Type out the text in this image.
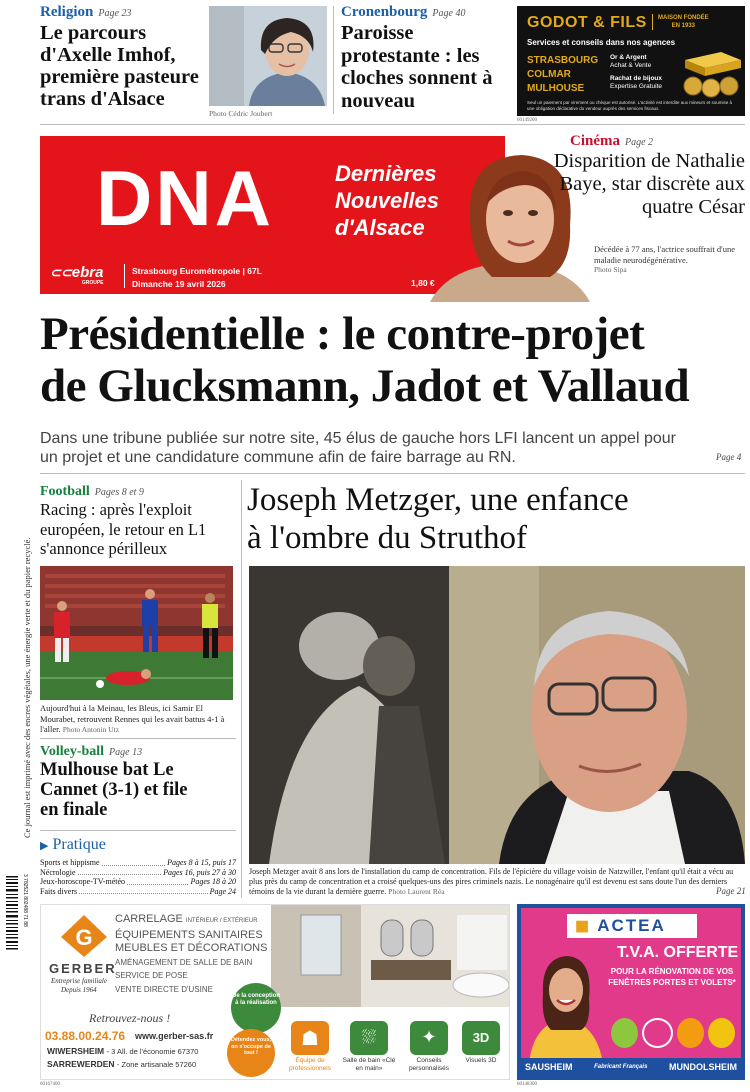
Religion Page 23
Le parcours d'Axelle Imhof, première pasteure trans d'Alsace
Photo Cédric Joubert
Cronenbourg Page 40
Paroisse protestante : les cloches sonnent à nouveau
GODOT & FILS MAISON FONDÉE
EN 1933
Services et conseils dans nos agences
STRASBOURG
COLMAR
MULHOUSE
Or & Argent
Achat & Vente
Rachat de bijoux
Expertise Gratuite
Seul un paiement par virement ou chèque est autorisé. L'activité est interdite aux mineurs et soumise à une obligation déclarative du vendeur auprès des services fiscaux.
60149200
DNA	Dernières
Nouvelles
d'Alsace
⊂⊂ebra
GROUPE
Strasbourg Eurométropole | 67L
Dimanche 19 avril 2026	1,80 €
Cinéma Page 2
Disparition de Nathalie Baye, star discrète aux quatre César
Décédée à 77 ans, l'actrice souffrait d'une maladie neurodégénérative.
Photo Sipa
Présidentielle : le contre-projet
de Glucksmann, Jadot et Vallaud
Dans une tribune publiée sur notre site, 45 élus de gauche hors LFI lancent un appel pour un projet et une candidature commune afin de faire barrage au RN.	Page 4
Ce journal est imprimé avec des encres végétales, une énergie verte et du papier recyclé.
3 782521 802488 71 88
Football Pages 8 et 9
Racing : après l'exploit européen, le retour en L1 s'annonce périlleux
Aujourd'hui à la Meinau, les Bleus, ici Samir El Mourabet, retrouvent Rennes qui les avait battus 4-1 à l'aller. Photo Antonin Utz
Volley-ball Page 13
Mulhouse bat Le Cannet (3-1) et file en finale
▶ Pratique
Sports et hippisme	Pages 8 à 15, puis 17
Nécrologie	Pages 16, puis 27 à 30
Jeux-horoscope-TV-météo	Pages 18 à 20
Faits divers	Page 24
Joseph Metzger, une enfance
à l'ombre du Struthof
Joseph Metzger avait 8 ans lors de l'installation du camp de concentration. Fils de l'épicière du village voisin de Natzwiller, l'enfant qu'il était a vécu au plus près du camp de concentration et a croisé quelques-uns des pires criminels nazis. Le nonagénaire qu'il est devenu est sans doute l'un des derniers témoins de la vie durant la dernière guerre. Photo Laurent Réa	Page 21
G
GERBER
Entreprise familiale
Depuis 1964
CARRELAGE INTÉRIEUR / EXTÉRIEUR
ÉQUIPEMENTS SANITAIRES
MEUBLES ET DÉCORATIONS
AMÉNAGEMENT DE SALLE DE BAIN
SERVICE DE POSE
VENTE DIRECTE D'USINE
Retrouvez-nous !
03.88.00.24.76 www.gerber-sas.fr
WIWERSHEIM - 3 All. de l'économie 67370
SARREWERDEN - Zone artisanale 57260
De la conception à la réalisation
Détendez vous, on s'occupe de tout !
☗
Équipe de professionnels
⛆
Salle de bain «Clé en main»
✦
Conseils personnalisés
3D
Visuels 3D
60167400
◼ ACTEA
T.V.A. OFFERTE
POUR LA RÉNOVATION DE VOS FENÊTRES PORTES ET VOLETS*
SAUSHEIM	Fabricant Français MUNDOLSHEIM
60148300
